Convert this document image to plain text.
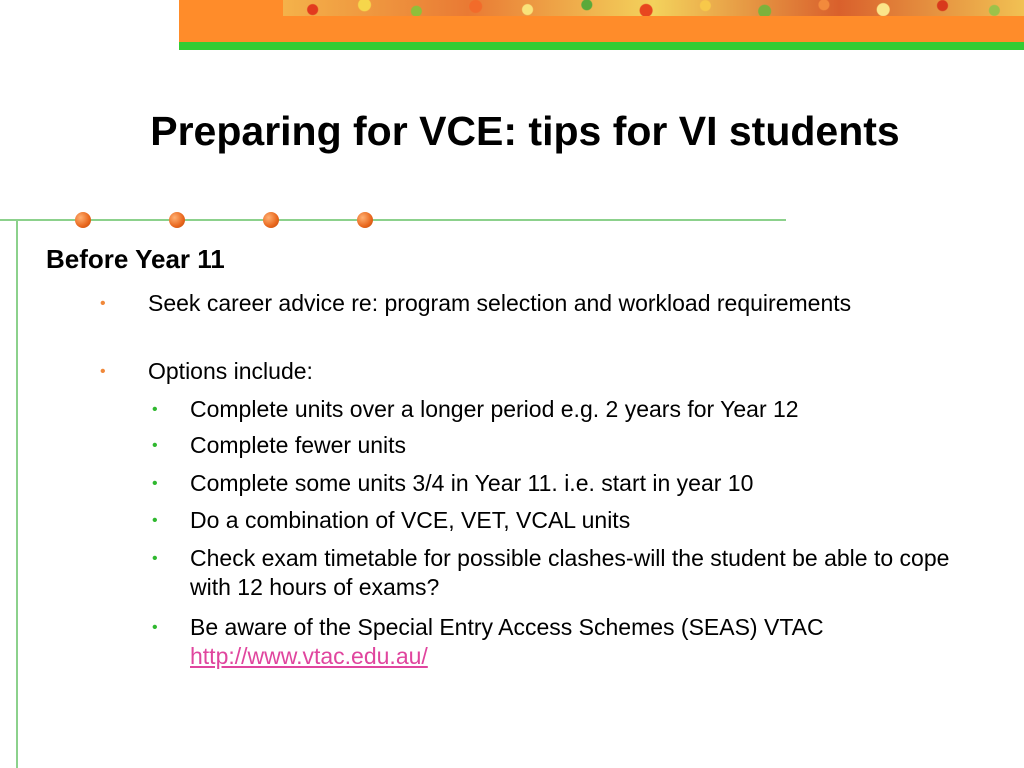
Preparing for VCE: tips for VI students
Before Year 11
• Seek career advice re: program selection and workload requirements
• Options include:
• Complete units over a longer period e.g. 2 years for Year 12
• Complete fewer units
• Complete some units 3/4 in Year 11. i.e. start in year 10
• Do a combination of VCE, VET, VCAL units
• Check exam timetable for possible clashes-will the student be able to cope with 12 hours of exams?
• Be aware of the Special Entry Access Schemes (SEAS) VTAC http://www.vtac.edu.au/
